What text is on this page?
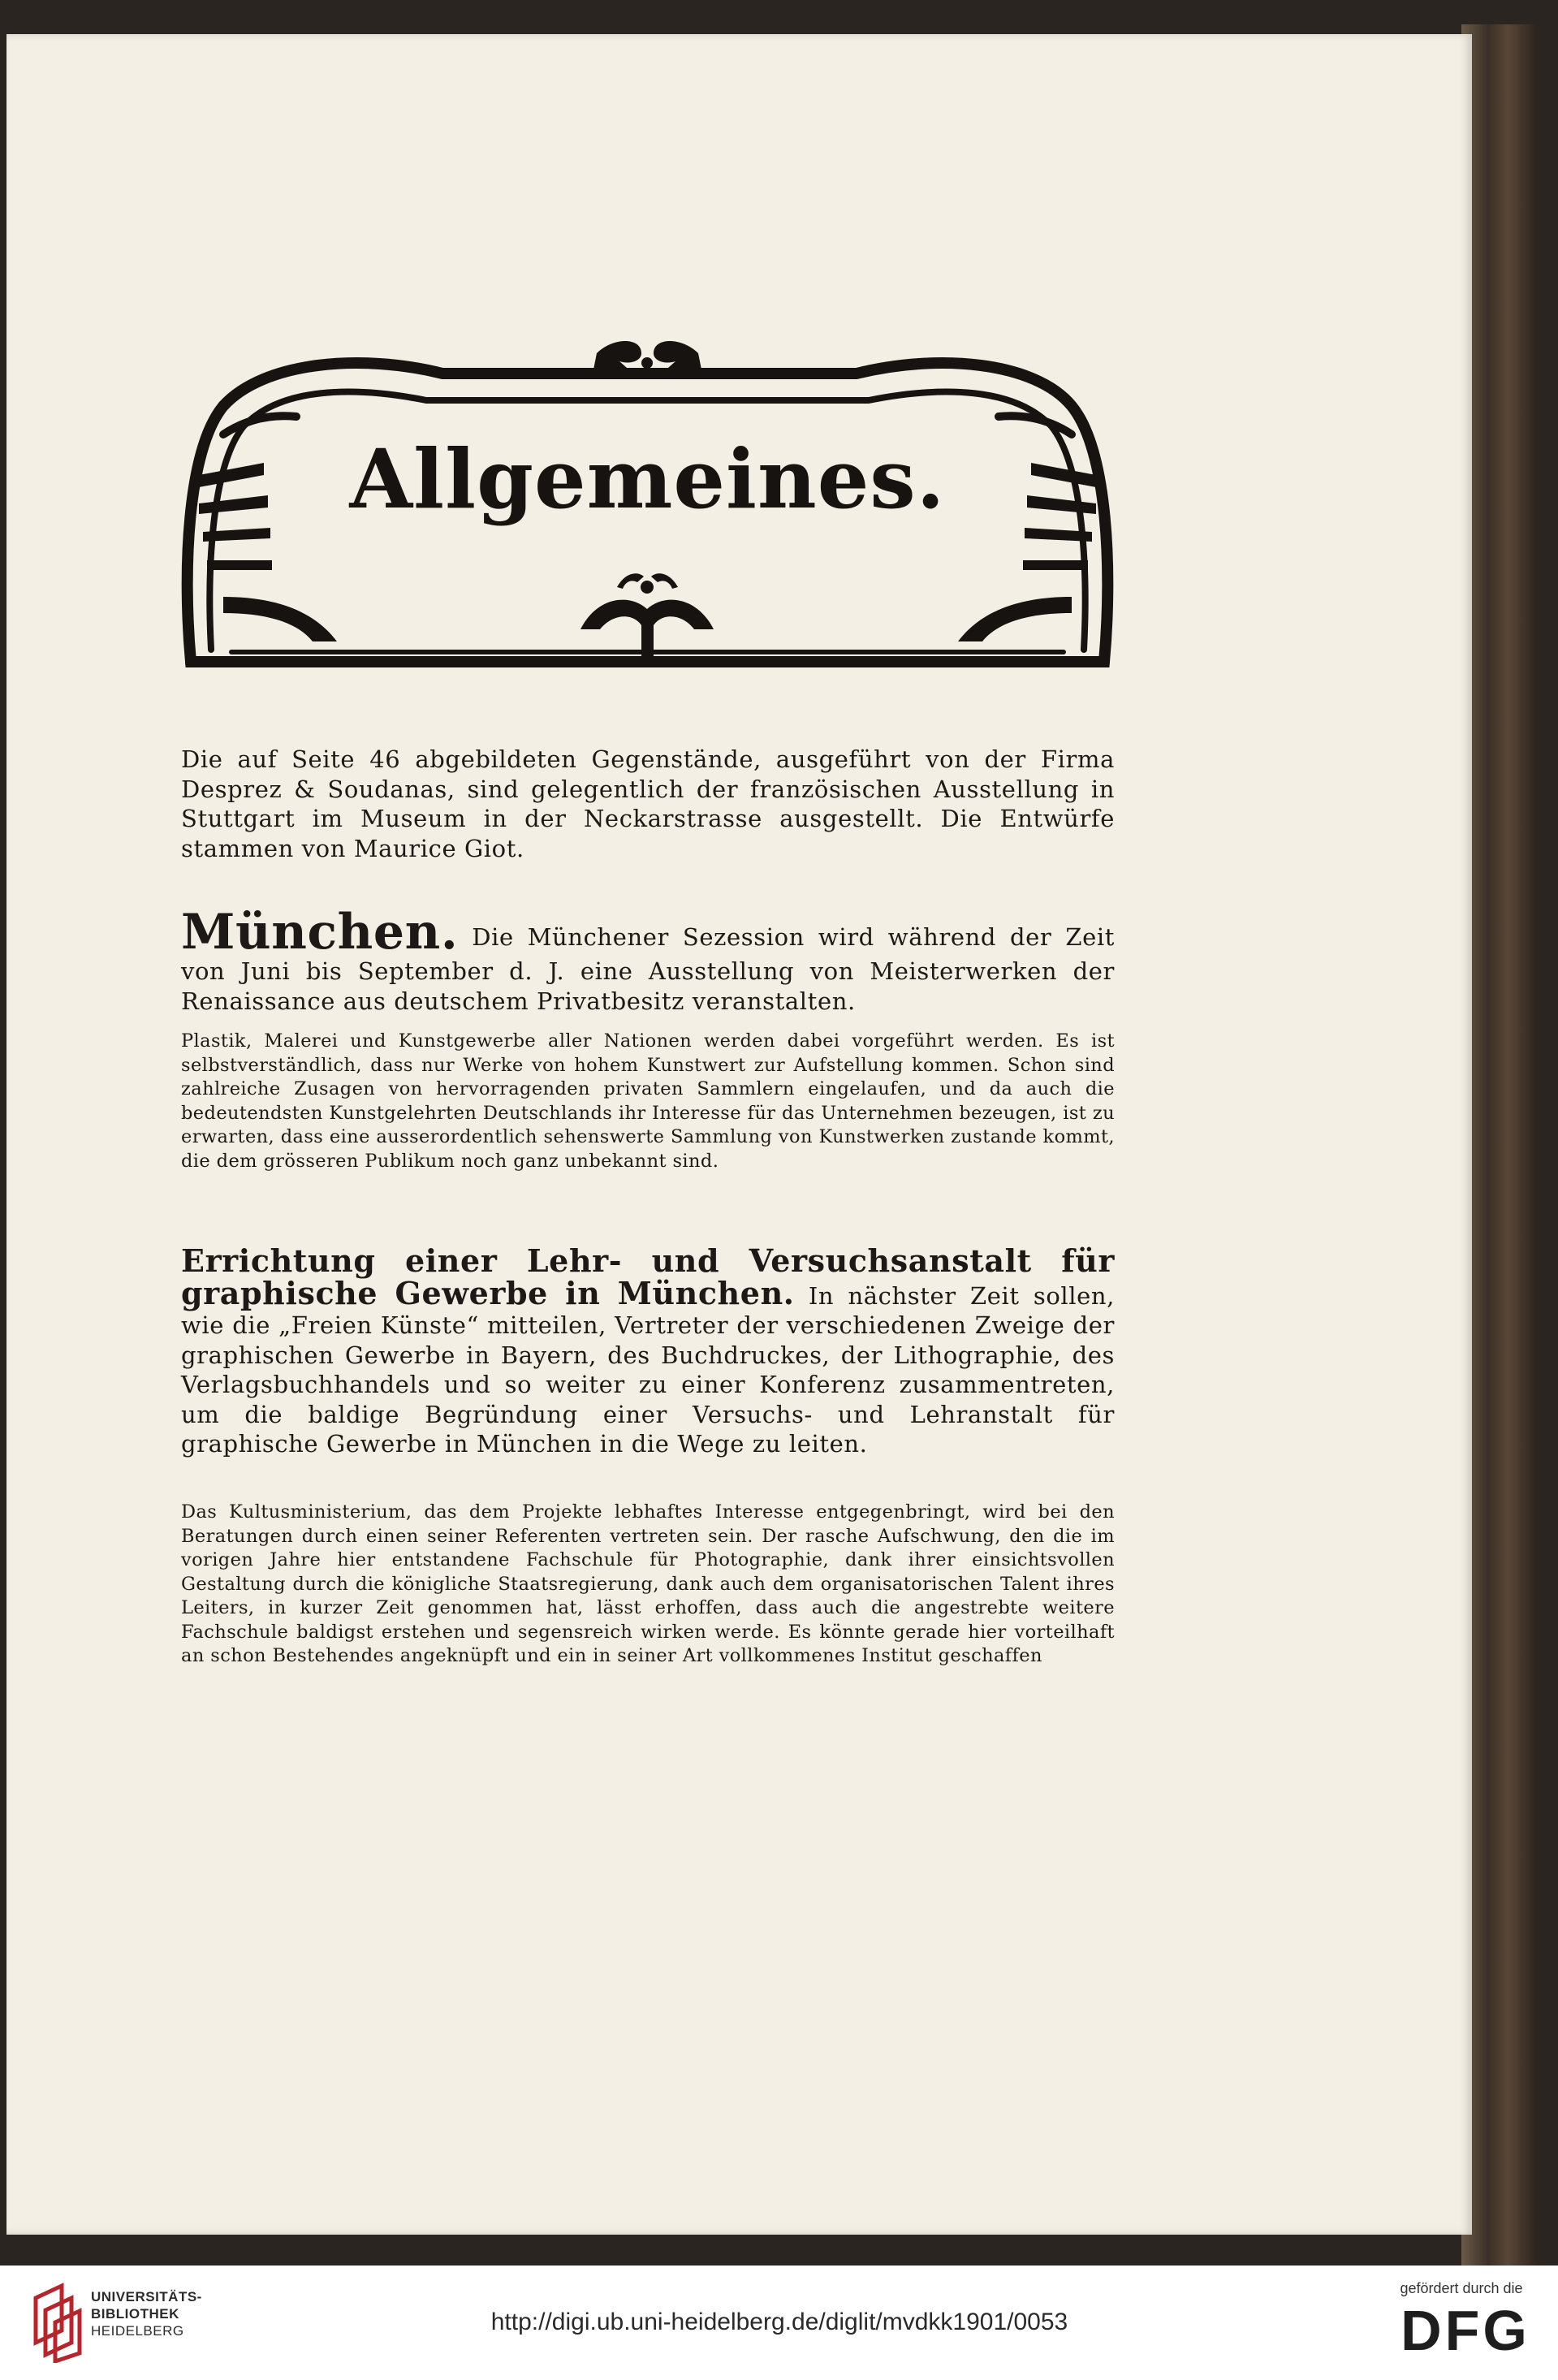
Allgemeines.

Die auf Seite 46 abgebildeten Gegenstände, ausgeführt von der Firma Desprez & Soudanas, sind gelegentlich der französischen Ausstellung in Stuttgart im Museum in der Neckarstrasse ausgestellt. Die Entwürfe stammen von Maurice Giot.

München. Die Münchener Sezession wird während der Zeit von Juni bis September d. J. eine Ausstellung von Meisterwerken der Renaissance aus deutschem Privatbesitz veranstalten.

Plastik, Malerei und Kunstgewerbe aller Nationen werden dabei vorgeführt werden. Es ist selbstverständlich, dass nur Werke von hohem Kunstwert zur Aufstellung kommen. Schon sind zahlreiche Zusagen von hervorragenden privaten Sammlern eingelaufen, und da auch die bedeutendsten Kunstgelehrten Deutschlands ihr Interesse für das Unternehmen bezeugen, ist zu erwarten, dass eine ausserordentlich sehenswerte Sammlung von Kunstwerken zustande kommt, die dem grösseren Publikum noch ganz unbekannt sind.

Errichtung einer Lehr- und Versuchsanstalt für graphische Gewerbe in München. In nächster Zeit sollen, wie die „Freien Künste“ mitteilen, Vertreter der verschiedenen Zweige der graphischen Gewerbe in Bayern, des Buchdruckes, der Lithographie, des Verlagsbuchhandels und so weiter zu einer Konferenz zusammentreten, um die baldige Begründung einer Versuchs- und Lehranstalt für graphische Gewerbe in München in die Wege zu leiten.

Das Kultusministerium, das dem Projekte lebhaftes Interesse entgegenbringt, wird bei den Beratungen durch einen seiner Referenten vertreten sein. Der rasche Aufschwung, den die im vorigen Jahre hier entstandene Fachschule für Photographie, dank ihrer einsichtsvollen Gestaltung durch die königliche Staatsregierung, dank auch dem organisatorischen Talent ihres Leiters, in kurzer Zeit genommen hat, lässt erhoffen, dass auch die angestrebte weitere Fachschule baldigst erstehen und segensreich wirken werde. Es könnte gerade hier vorteilhaft an schon Bestehendes angeknüpft und ein in seiner Art vollkommenes Institut geschaffen

UNIVERSITÄTS-
BIBLIOTHEK
HEIDELBERG	http://digi.ub.uni-heidelberg.de/diglit/mvdkk1901/0053
gefördert durch die
DFG
